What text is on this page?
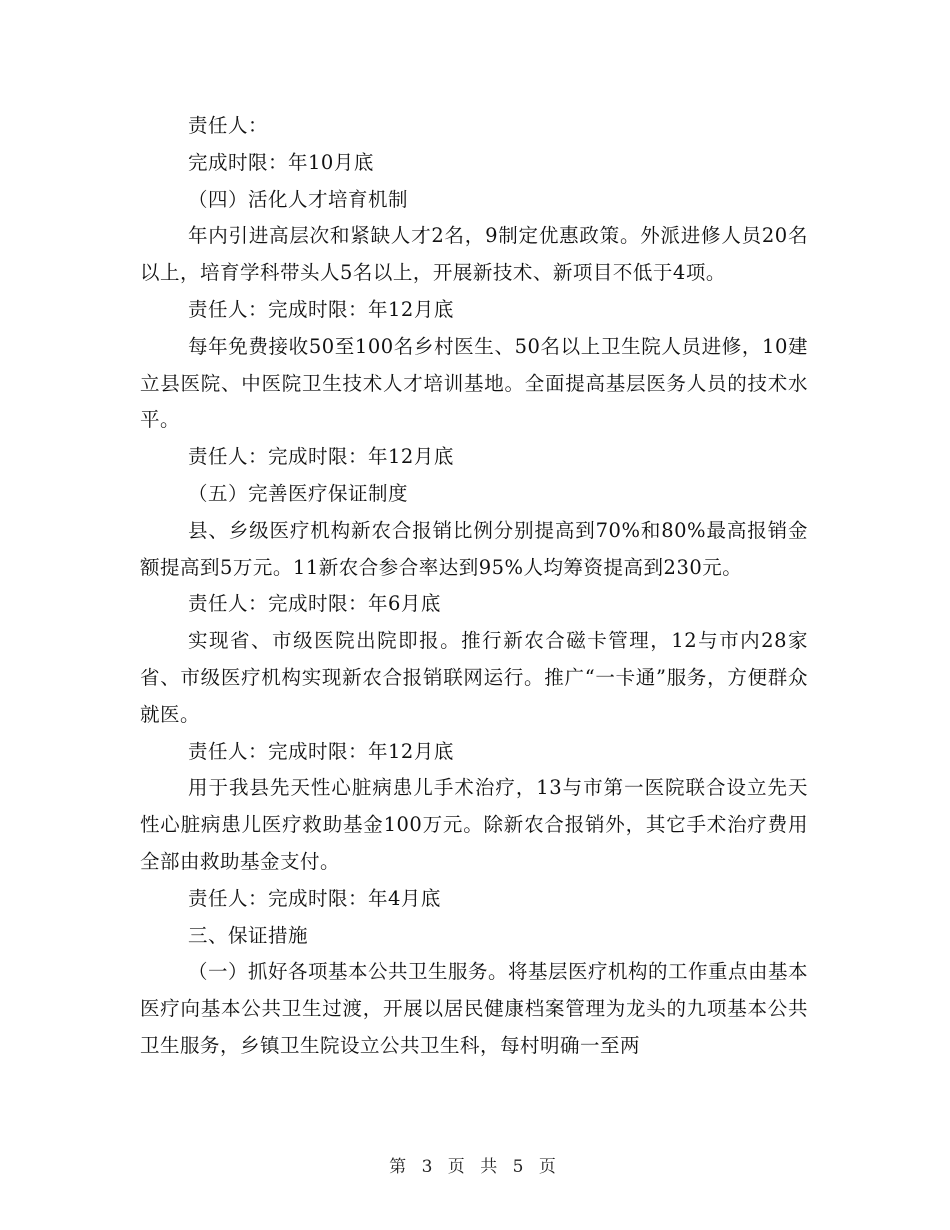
责任人：

完成时限：年10月底

（四）活化人才培育机制

年内引进高层次和紧缺人才2名，9制定优惠政策。外派进修人员20名以上，培育学科带头人5名以上，开展新技术、新项目不低于4项。

责任人：完成时限：年12月底

每年免费接收50至100名乡村医生、50名以上卫生院人员进修，10建立县医院、中医院卫生技术人才培训基地。全面提高基层医务人员的技术水平。

责任人：完成时限：年12月底

（五）完善医疗保证制度

县、乡级医疗机构新农合报销比例分别提高到70%和80%最高报销金额提高到5万元。11新农合参合率达到95%人均筹资提高到230元。

责任人：完成时限：年6月底

实现省、市级医院出院即报。推行新农合磁卡管理，12与市内28家省、市级医疗机构实现新农合报销联网运行。推广“一卡通”服务，方便群众就医。

责任人：完成时限：年12月底

用于我县先天性心脏病患儿手术治疗，13与市第一医院联合设立先天性心脏病患儿医疗救助基金100万元。除新农合报销外，其它手术治疗费用全部由救助基金支付。

责任人：完成时限：年4月底

三、保证措施

（一）抓好各项基本公共卫生服务。将基层医疗机构的工作重点由基本医疗向基本公共卫生过渡，开展以居民健康档案管理为龙头的九项基本公共卫生服务，乡镇卫生院设立公共卫生科，每村明确一至两

第 3 页 共 5 页
